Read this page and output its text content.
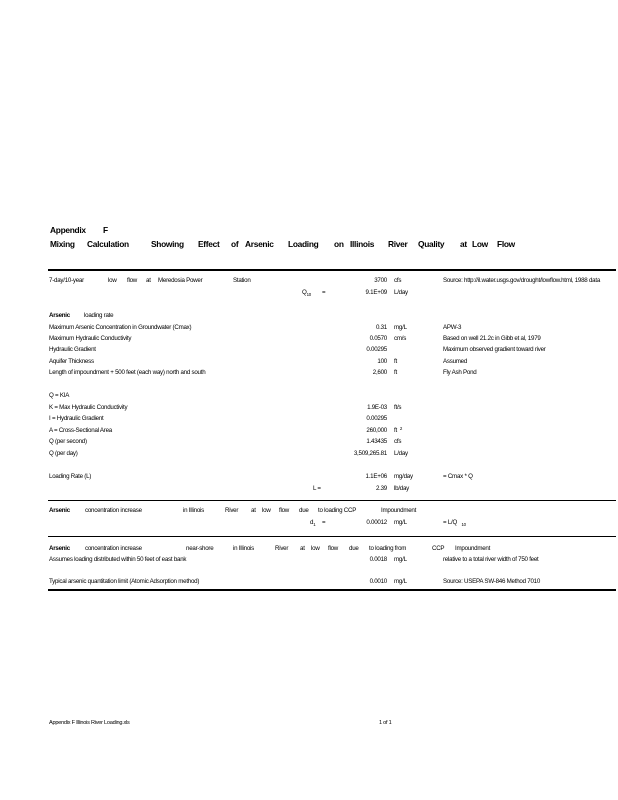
Appendix F
Mixing Calculation	Showing Effect of Arsenic Loading on Illinois River Quality at Low Flow
7-day/10-year	low flow at Meredosia Power	Station	3700 cfs	Source: http://il.water.usgs.gov/drought/lowflow.html, 1988 data
$Q_{10}$ =	9.1E+09 L/day
Arsenic loading rate
Maximum Arsenic Concentration in Groundwater (Cmax)	0.31 mg/L	APW-3
Maximum Hydraulic Conductivity	0.0570 cm/s	Based on well 21.2c in Gibb et al, 1979
Hydraulic Gradient	0.00295	Maximum observed gradient toward river
Aquifer Thickness	100 ft	Assumed
Length of impoundment + 500 feet (each way) north and south	2,600 ft	Fly Ash Pond
Q = KIA
K = Max Hydraulic Conductivity	1.9E-03 ft/s
I = Hydraulic Gradient	0.00295
A = Cross-Sectional Area	260,000 ft $^2$
Q (per second)	1.43435 cfs
Q (per day)	3,509,265.81 L/day
Loading Rate (L)	1.1E+06 mg/day	= Cmax * Q
L =	2.39 lb/day
Arsenic concentration increase	in Illinois	River at low flow due to loading CCP	Impoundment
$d_1$ =	0.00012 mg/L	= L/Q $_{10}$
Arsenic concentration increase	near-shore	in Illinois	River at low flow due to loading from	CCP Impoundment
Assumes loading distributed within 50 feet of east bank	0.0018 mg/L	relative to a total river width of 750 feet
Typical arsenic quantitation limit (Atomic Adsorption method)	0.0010 mg/L	Source: USEPA SW-846 Method 7010
Appendix F Illinois River Loading.xls	1 of 1
